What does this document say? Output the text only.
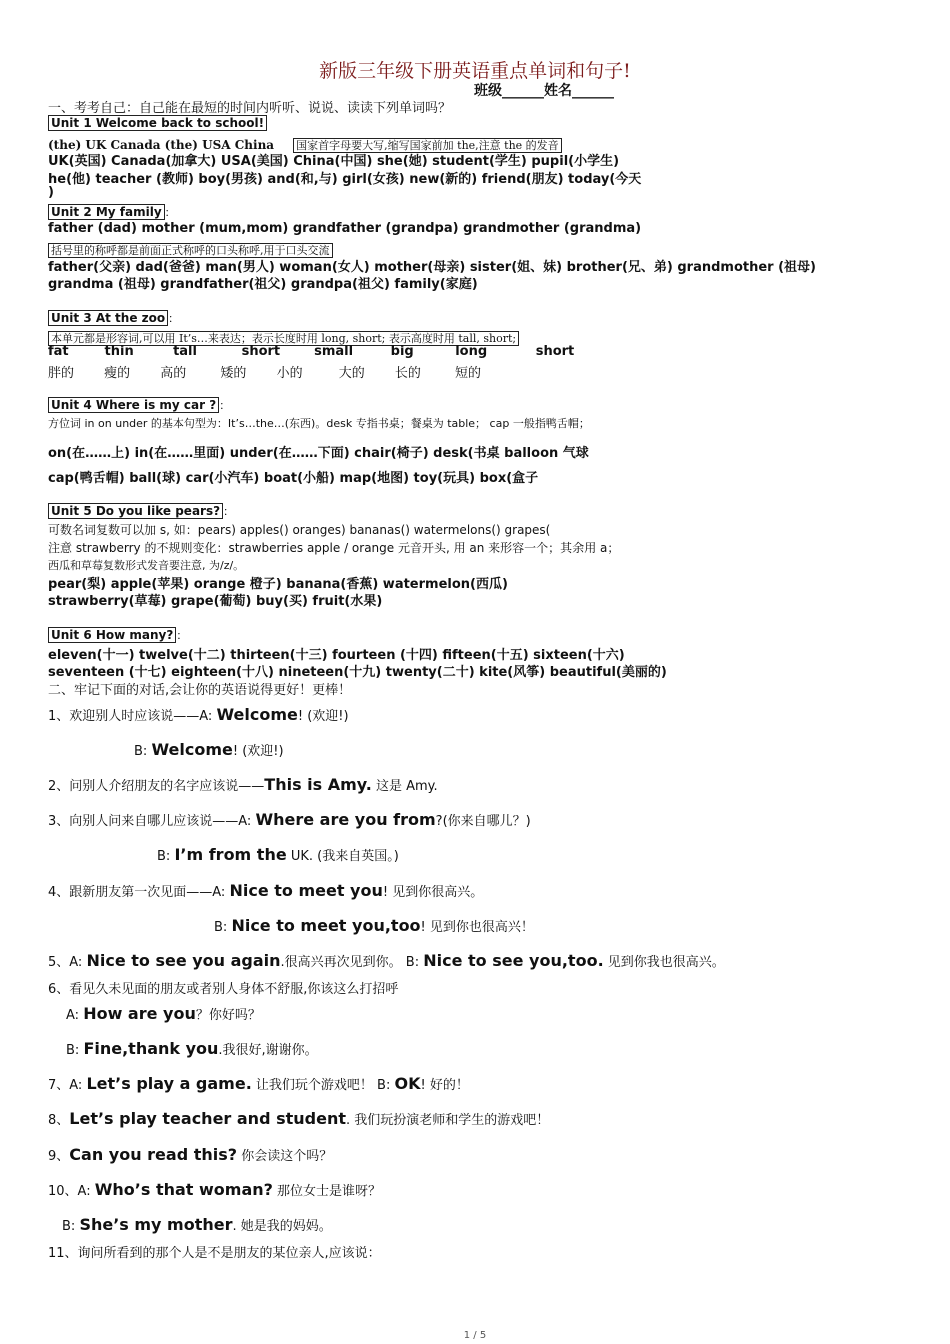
新版三年级下册英语重点单词和句子!
班级______姓名______
一、考考自己：自己能在最短的时间内听听、说说、读读下列单词吗？
Unit 1 Welcome back to school!
(the) UK Canada (the) USA China 国家首字母要大写,缩写国家前加 the,注意 the 的发音
UK(英国) Canada(加拿大) USA(美国) China(中国) she(她) student(学生) pupil(小学生)
he(他) teacher (教师) boy(男孩) and(和,与) girl(女孩) new(新的) friend(朋友) today(今天
)
Unit 2 My family ：
father (dad) mother (mum,mom) grandfather (grandpa) grandmother (grandma)
括号里的称呼都是前面正式称呼的口头称呼,用于口头交流
father(父亲) dad(爸爸) man(男人) woman(女人) mother(母亲) sister(姐、妹) brother(兄、弟) grandmother (祖母)
grandma (祖母) grandfather(祖父) grandpa(祖父) family(家庭)
Unit 3 At the zoo ：
本单元都是形容词,可以用 It’s…来表达；表示长度时用 long, short; 表示高度时用 tall, short;
fat	thin	tall	short	small	big	long	short
胖的 瘦的 高的	矮的 小的	大的 长的	短的
Unit 4 Where is my car ? ：
方位词 in on under 的基本句型为：It’s…the…(东西)。desk 专指书桌；餐桌为 table； cap 一般指鸭舌帽；
on(在……上) in(在……里面) under(在……下面) chair(椅子) desk(书桌 balloon 气球
cap(鸭舌帽) ball(球) car(小汽车) boat(小船) map(地图) toy(玩具) box(盒子
Unit 5 Do you like pears? ：
可数名词复数可以加 s, 如：pears) apples() oranges) bananas() watermelons() grapes(
注意 strawberry 的不规则变化：strawberries apple / orange 元音开头, 用 an 来形容一个；其余用 a；
西瓜和草莓复数形式发音要注意, 为/z/。
pear(梨) apple(苹果) orange 橙子) banana(香蕉) watermelon(西瓜)
strawberry(草莓) grape(葡萄) buy(买) fruit(水果)
Unit 6 How many? ：
eleven(十一) twelve(十二) thirteen(十三) fourteen (十四) fifteen(十五) sixteen(十六)
seventeen (十七) eighteen(十八) nineteen(十九) twenty(二十) kite(风筝) beautiful(美丽的)
二、牢记下面的对话,会让你的英语说得更好！更棒！
1、欢迎别人时应该说——A: Welcome! (欢迎!)
B: Welcome! (欢迎!)
2、问别人介绍朋友的名字应该说——This is Amy. 这是 Amy.
3、向别人问来自哪儿应该说——A: Where are you from?(你来自哪儿？)
B: I’m from the UK. (我来自英国。)
4、跟新朋友第一次见面——A: Nice to meet you! 见到你很高兴。
B: Nice to meet you,too! 见到你也很高兴！
5、A: Nice to see you again.很高兴再次见到你。 B: Nice to see you,too. 见到你我也很高兴。
6、看见久未见面的朋友或者别人身体不舒服,你该这么打招呼
A: How are you？你好吗？
B: Fine,thank you.我很好,谢谢你。
7、A: Let’s play a game. 让我们玩个游戏吧！ B: OK! 好的！
8、Let’s play teacher and student. 我们玩扮演老师和学生的游戏吧！
9、Can you read this? 你会读这个吗？
10、A: Who’s that woman? 那位女士是谁呀？
B: She’s my mother. 她是我的妈妈。
11、询问所看到的那个人是不是朋友的某位亲人,应该说：
1 / 5
